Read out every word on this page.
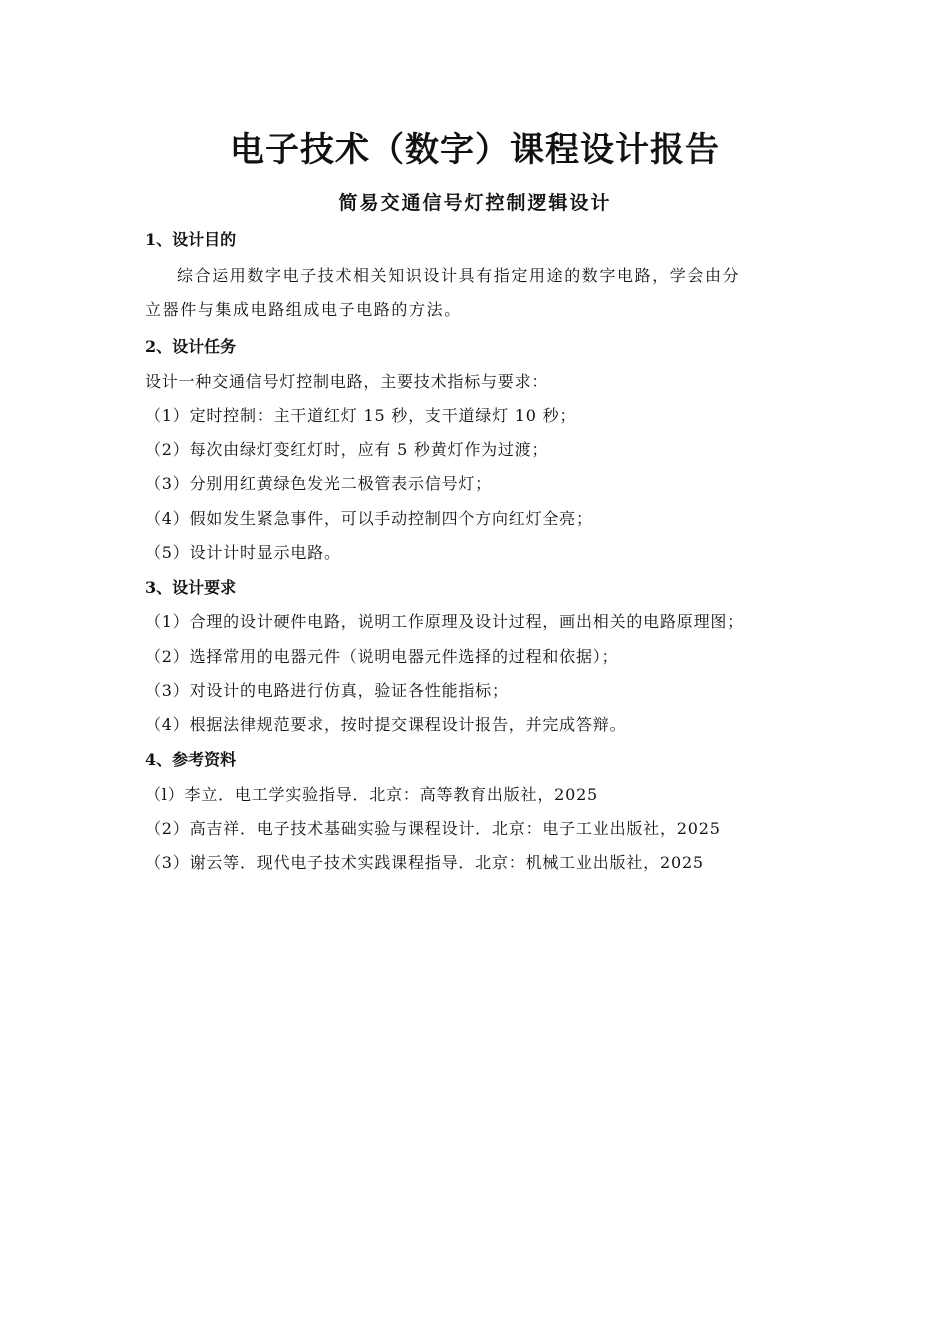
电子技术（数字）课程设计报告
简易交通信号灯控制逻辑设计

1、设计目的

综合运用数字电子技术相关知识设计具有指定用途的数字电路，学会由分

立器件与集成电路组成电子电路的方法。

2、设计任务

设计一种交通信号灯控制电路，主要技术指标与要求：

（1）定时控制：主干道红灯 15 秒，支干道绿灯 10 秒；

（2）每次由绿灯变红灯时，应有 5 秒黄灯作为过渡；

（3）分别用红黄绿色发光二极管表示信号灯；

（4）假如发生紧急事件，可以手动控制四个方向红灯全亮；

（5）设计计时显示电路。

3、设计要求

（1）合理的设计硬件电路，说明工作原理及设计过程，画出相关的电路原理图；

（2）选择常用的电器元件（说明电器元件选择的过程和依据）；

（3）对设计的电路进行仿真，验证各性能指标；

（4）根据法律规范要求，按时提交课程设计报告，并完成答辩。

4、参考资料

（l）李立．电工学实验指导．北京：高等教育出版社，2025

（2）高吉祥．电子技术基础实验与课程设计．北京：电子工业出版社，2025

（3）谢云等．现代电子技术实践课程指导．北京：机械工业出版社，2025
